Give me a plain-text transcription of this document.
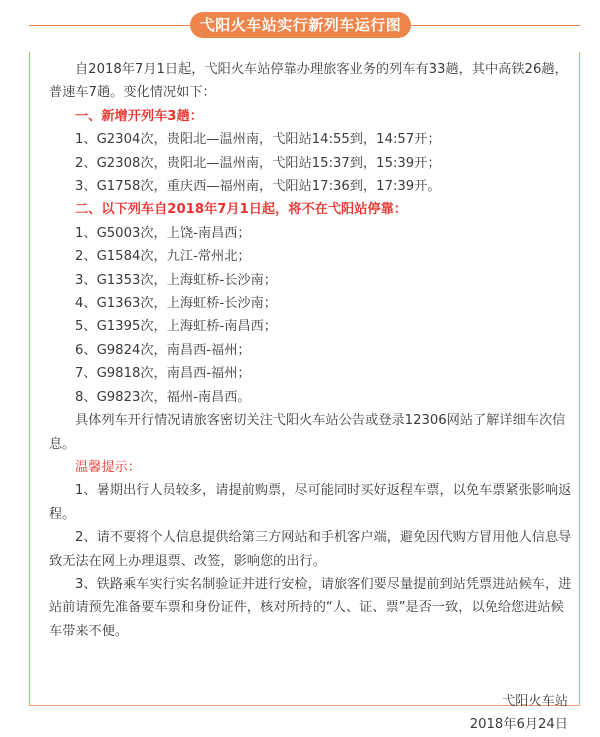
弋阳火车站实行新列车运行图

自2018年7月1日起，弋阳火车站停靠办理旅客业务的列车有33趟，其中高铁26趟，普速车7趟。变化情况如下：

一、新增开列车3趟：

1、G2304次，贵阳北—温州南，弋阳站14:55到，14:57开；

2、G2308次，贵阳北—温州南，弋阳站15:37到，15:39开；

3、G1758次，重庆西—福州南，弋阳站17:36到，17:39开。

二、以下列车自2018年7月1日起，将不在弋阳站停靠：

1、G5003次，上饶-南昌西；

2、G1584次，九江-常州北；

3、G1353次，上海虹桥-长沙南；

4、G1363次，上海虹桥-长沙南；

5、G1395次，上海虹桥-南昌西；

6、G9824次，南昌西-福州；

7、G9818次，南昌西-福州；

8、G9823次，福州-南昌西。

具体列车开行情况请旅客密切关注弋阳火车站公告或登录12306网站了解详细车次信息。

温馨提示：

1、暑期出行人员较多，请提前购票，尽可能同时买好返程车票，以免车票紧张影响返程。

2、请不要将个人信息提供给第三方网站和手机客户端，避免因代购方冒用他人信息导致无法在网上办理退票、改签，影响您的出行。

3、铁路乘车实行实名制验证并进行安检，请旅客们要尽量提前到站凭票进站候车，进站前请预先准备要车票和身份证件，核对所持的“人、证、票”是否一致，以免给您进站候车带来不便。

弋阳火车站

2018年6月24日
